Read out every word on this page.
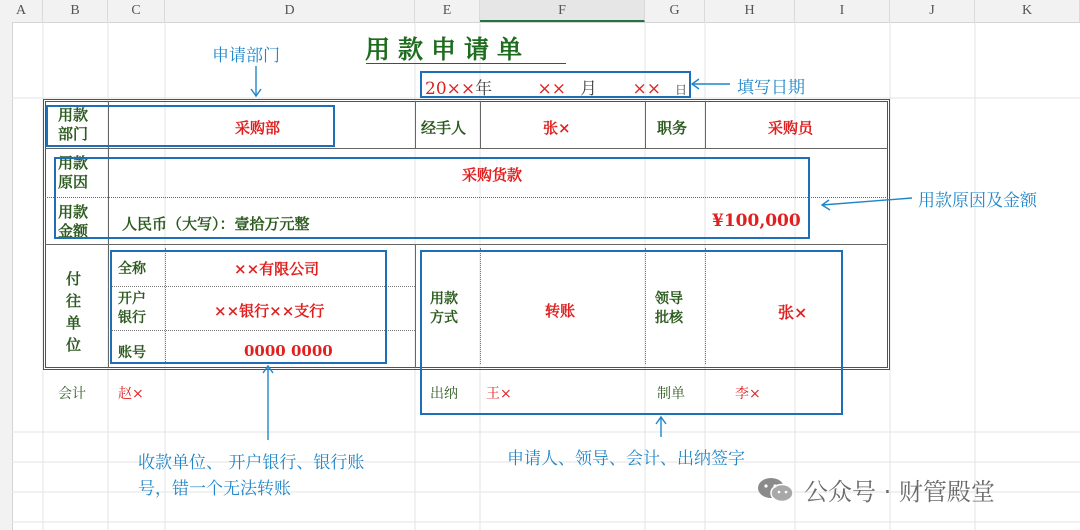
A	B	C	D	E	F	G	H	I	J	K
用款申请单
20××年	×× 月 ×× 日
用款
部门	采购部	经手人	张×	职务	采购员
用款
原因	采购货款
用款
金额 人民币（大写）：壹拾万元整	¥100,000
付往单位
全称	××有限公司
开户
银行	××银行××支行
账号	0000 0000
用款
方式	转账
领导
批核	张×
会计 赵×	出纳 王×	制单	李×
申请部门
填写日期
用款原因及金额
收款单位、 开户银行、银行账
号，错一个无法转账
申请人、领导、会计、出纳签字
公众号 · 财管殿堂
